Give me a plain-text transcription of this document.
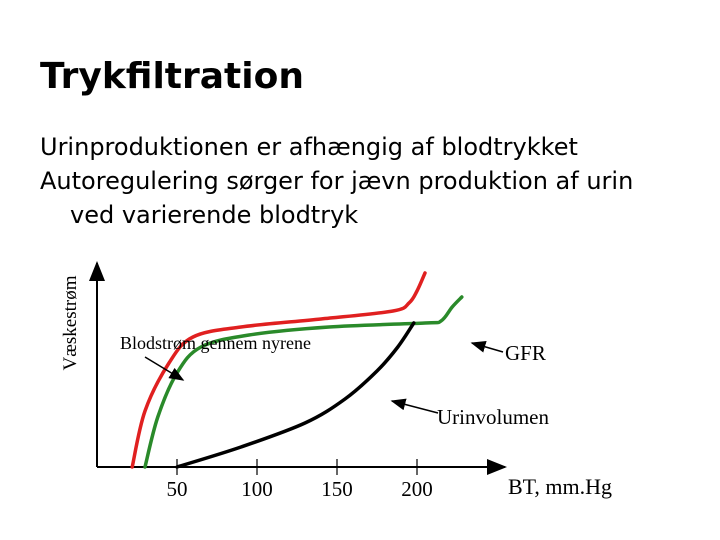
Trykfiltration
Urinproduktionen er afhængig af blodtrykket
Autoregulering sørger for jævn produktion af urin
ved varierende blodtryk
Væskestrøm
BT, mm.Hg
50	100 150 200
Blodstrøm gennem nyrene	GFR
Urinvolumen
